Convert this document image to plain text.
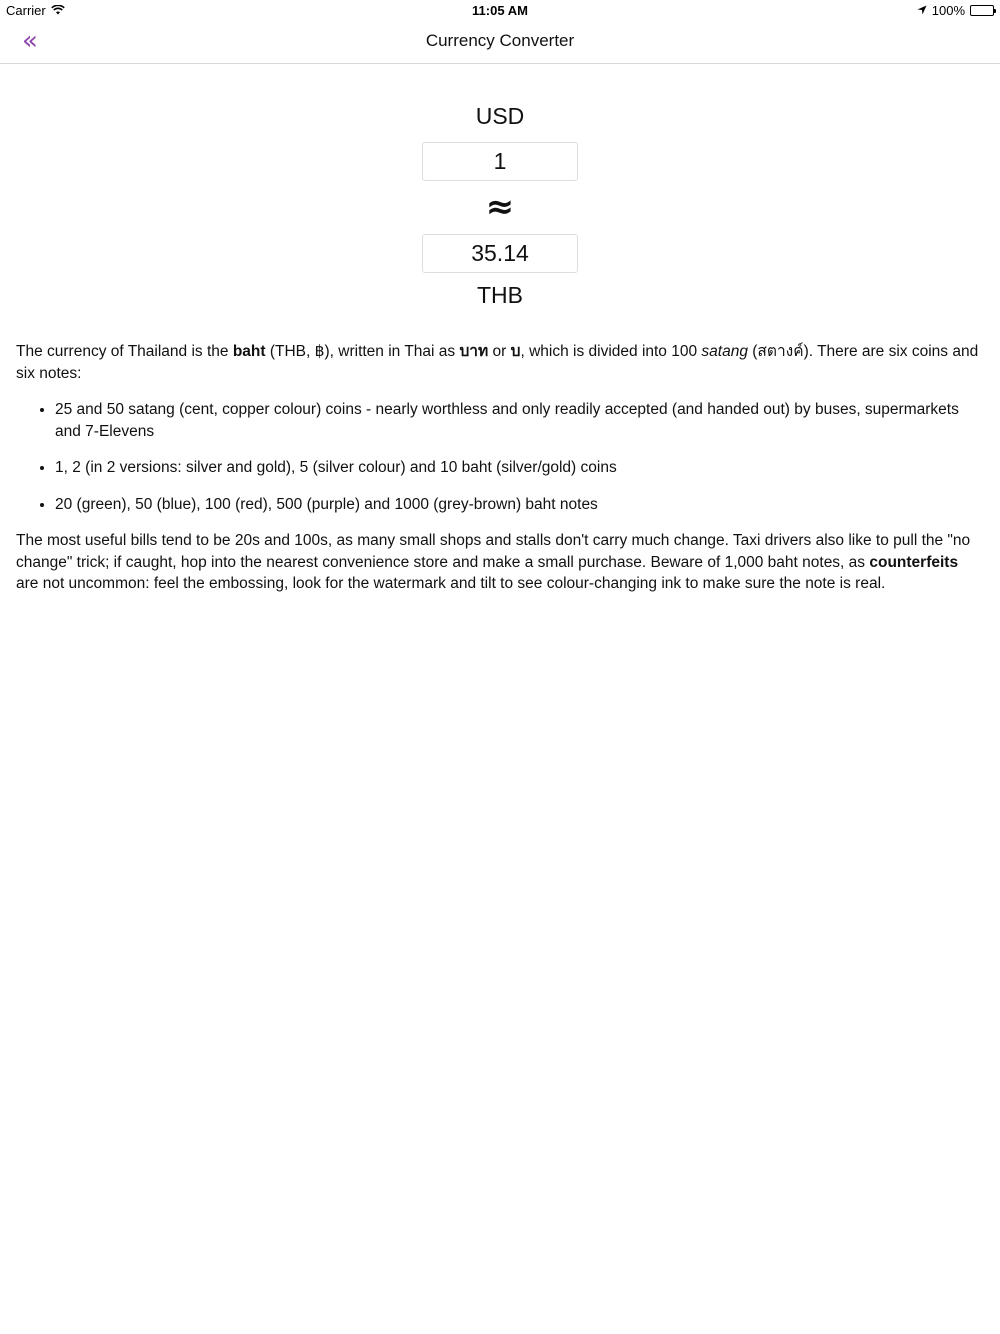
Carrier	11:05 AM	100%
«	Currency Converter
USD
1
≈
35.14
THB

The currency of Thailand is the baht (THB, ฿), written in Thai as บาท or บ, which is divided into 100 satang (สตางค์). There are six coins and six notes:

• 25 and 50 satang (cent, copper colour) coins - nearly worthless and only readily accepted (and handed out) by buses, supermarkets and 7-Elevens
• 1, 2 (in 2 versions: silver and gold), 5 (silver colour) and 10 baht (silver/gold) coins
• 20 (green), 50 (blue), 100 (red), 500 (purple) and 1000 (grey-brown) baht notes

The most useful bills tend to be 20s and 100s, as many small shops and stalls don't carry much change. Taxi drivers also like to pull the "no change" trick; if caught, hop into the nearest convenience store and make a small purchase. Beware of 1,000 baht notes, as counterfeits are not uncommon: feel the embossing, look for the watermark and tilt to see colour-changing ink to make sure the note is real.
